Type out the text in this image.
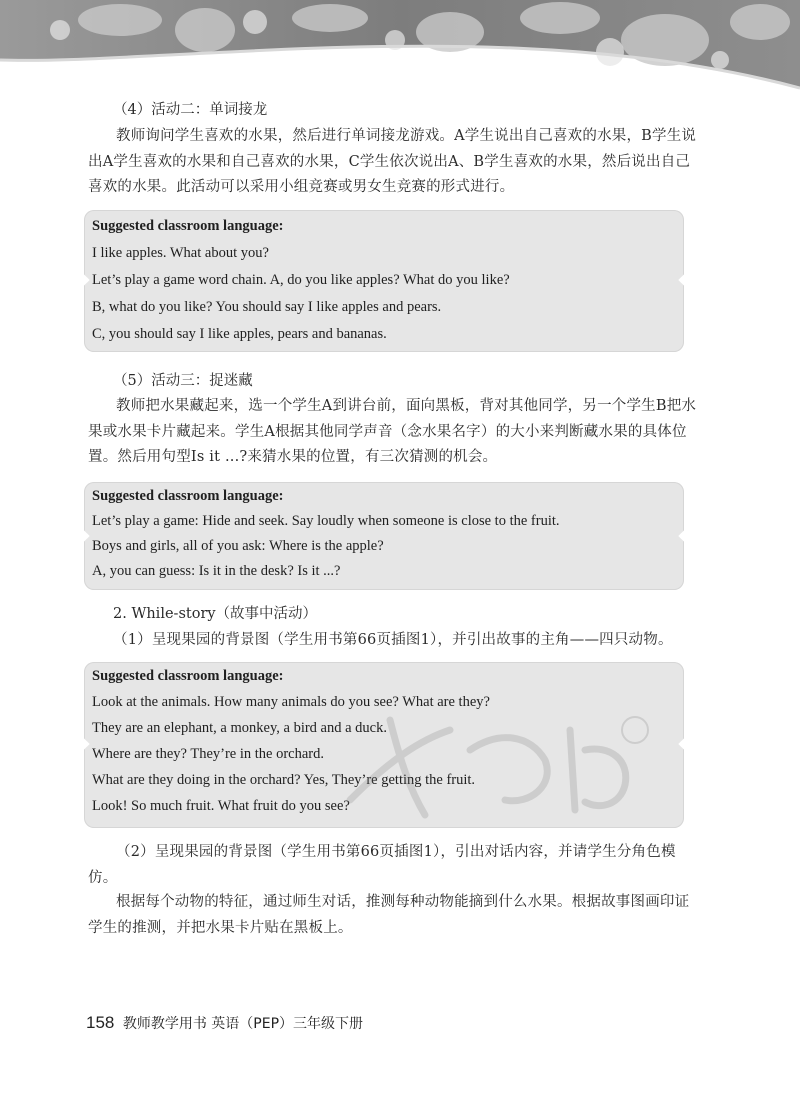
（4）活动二：单词接龙
教师询问学生喜欢的水果，然后进行单词接龙游戏。A学生说出自己喜欢的水果，B学生说出A学生喜欢的水果和自己喜欢的水果，C学生依次说出A、B学生喜欢的水果，然后说出自己喜欢的水果。此活动可以采用小组竞赛或男女生竞赛的形式进行。
Suggested classroom language:
I like apples. What about you?
Let’s play a game word chain. A, do you like apples? What do you like?
B, what do you like? You should say I like apples and pears.
C, you should say I like apples, pears and bananas.
（5）活动三：捉迷藏
教师把水果藏起来，选一个学生A到讲台前，面向黑板，背对其他同学，另一个学生B把水果或水果卡片藏起来。学生A根据其他同学声音（念水果名字）的大小来判断藏水果的具体位置。然后用句型Is it ...?来猜水果的位置，有三次猜测的机会。
Suggested classroom language:
Let’s play a game: Hide and seek. Say loudly when someone is close to the fruit.
Boys and girls, all of you ask: Where is the apple?
A, you can guess: Is it in the desk? Is it ...?
2. While-story（故事中活动）
（1）呈现果园的背景图（学生用书第66页插图1），并引出故事的主角——四只动物。
Suggested classroom language:
Look at the animals. How many animals do you see? What are they?
They are an elephant, a monkey, a bird and a duck.
Where are they? They’re in the orchard.
What are they doing in the orchard? Yes, They’re getting the fruit.
Look! So much fruit. What fruit do you see?
（2）呈现果园的背景图（学生用书第66页插图1），引出对话内容，并请学生分角色模仿。
根据每个动物的特征，通过师生对话，推测每种动物能摘到什么水果。根据故事图画印证学生的推测，并把水果卡片贴在黑板上。
158 教师教学用书 英语（PEP）三年级下册
